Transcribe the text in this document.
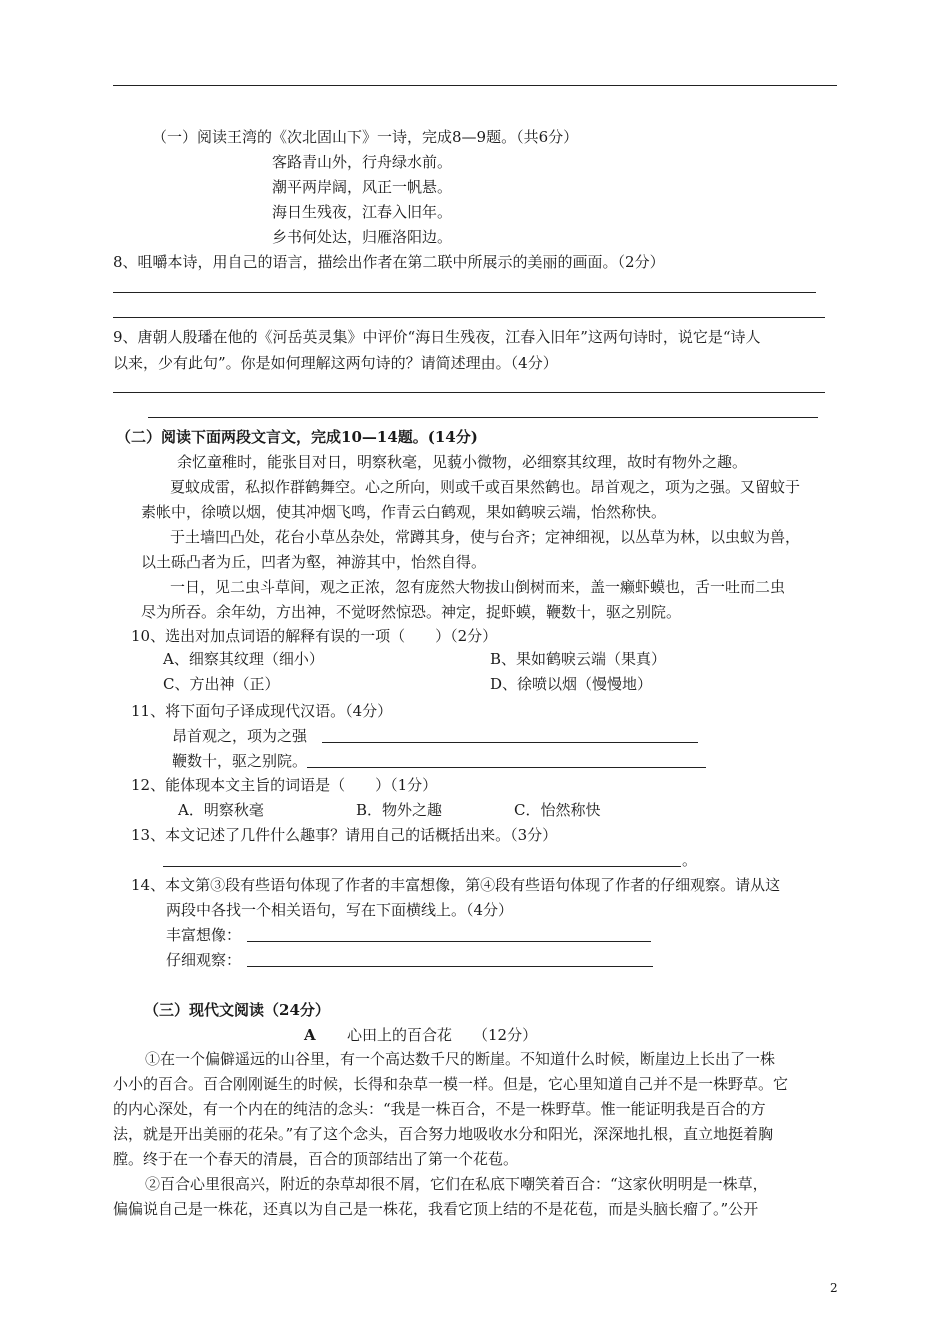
（一）阅读王湾的《次北固山下》一诗，完成8—9题。（共6分）
客路青山外，行舟绿水前。
潮平两岸阔，风正一帆悬。
海日生残夜，江春入旧年。
乡书何处达，归雁洛阳边。
8、咀嚼本诗，用自己的语言，描绘出作者在第二联中所展示的美丽的画面。（2分）
9、唐朝人殷璠在他的《河岳英灵集》中评价“海日生残夜，江春入旧年”这两句诗时，说它是“诗人
以来，少有此句”。你是如何理解这两句诗的？请简述理由。（4分）
（二）阅读下面两段文言文，完成10—14题。(14分)
余忆童稚时，能张目对日，明察秋毫，见藐小微物，必细察其纹理，故时有物外之趣。
夏蚊成雷，私拟作群鹤舞空。心之所向，则或千或百果然鹤也。昂首观之，项为之强。又留蚊于
素帐中，徐喷以烟，使其冲烟飞鸣，作青云白鹤观，果如鹤唳云端，怡然称快。
于土墙凹凸处，花台小草丛杂处，常蹲其身，使与台齐；定神细视，以丛草为林，以虫蚁为兽，
以土砾凸者为丘，凹者为壑，神游其中，怡然自得。
一日，见二虫斗草间，观之正浓，忽有庞然大物拔山倒树而来，盖一癞虾蟆也，舌一吐而二虫
尽为所吞。余年幼，方出神，不觉呀然惊恐。神定，捉虾蟆，鞭数十，驱之别院。
10、选出对加点词语的解释有误的一项（　　）（2分）
A、细察其纹理（细小）	B、果如鹤唳云端（果真）
C、方出神（正）	D、徐喷以烟（慢慢地）
11、将下面句子译成现代汉语。（4分）
昂首观之，项为之强
鞭数十，驱之别院。
12、能体现本文主旨的词语是（　　）（1分）
A．明察秋毫	B．物外之趣	C．怡然称快
13、本文记述了几件什么趣事？请用自己的话概括出来。（3分）
。
14、本文第③段有些语句体现了作者的丰富想像，第④段有些语句体现了作者的仔细观察。请从这
两段中各找一个相关语句，写在下面横线上。（4分）
丰富想像：
仔细观察：
（三）现代文阅读（24分）
A 心田上的百合花 （12分）
①在一个偏僻遥远的山谷里，有一个高达数千尺的断崖。不知道什么时候，断崖边上长出了一株
小小的百合。百合刚刚诞生的时候，长得和杂草一模一样。但是，它心里知道自己并不是一株野草。它
的内心深处，有一个内在的纯洁的念头：“我是一株百合，不是一株野草。惟一能证明我是百合的方
法，就是开出美丽的花朵。”有了这个念头，百合努力地吸收水分和阳光，深深地扎根，直立地挺着胸
膛。终于在一个春天的清晨，百合的顶部结出了第一个花苞。
②百合心里很高兴，附近的杂草却很不屑，它们在私底下嘲笑着百合：“这家伙明明是一株草，
偏偏说自己是一株花，还真以为自己是一株花，我看它顶上结的不是花苞，而是头脑长瘤了。”公开
2
